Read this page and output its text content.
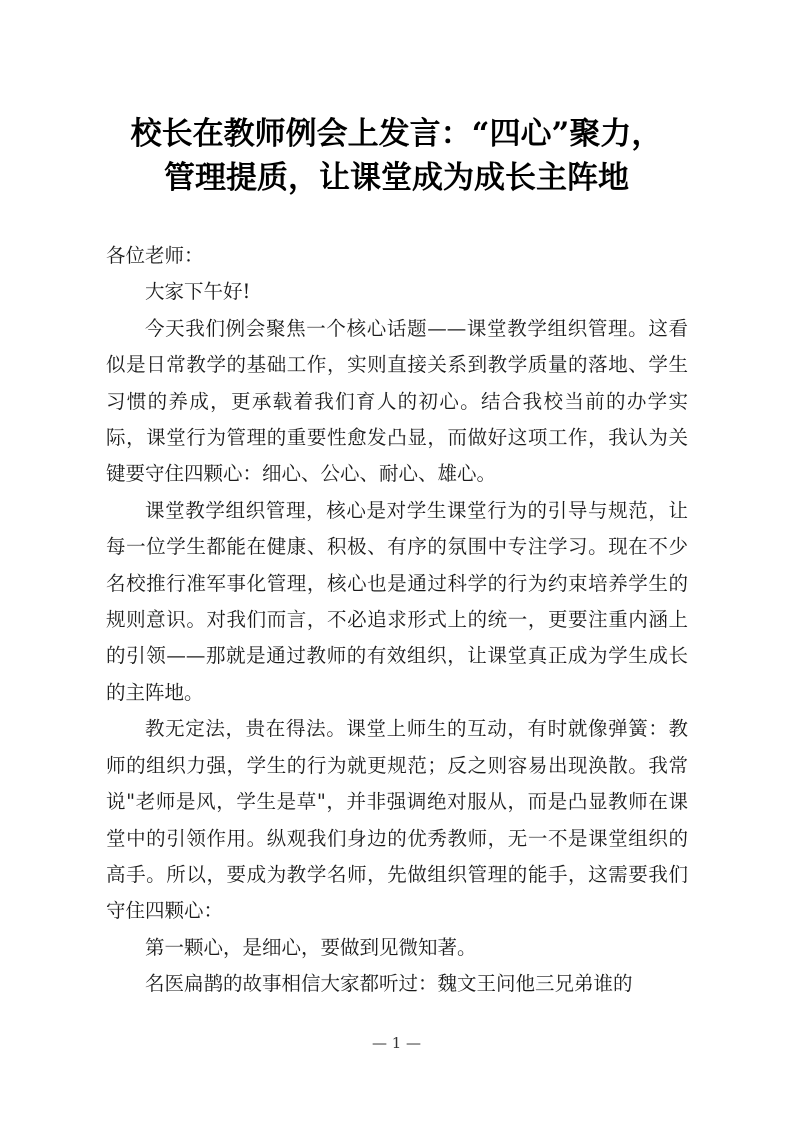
校长在教师例会上发言：“四心”聚力，
管理提质，让课堂成为成长主阵地

各位老师：

大家下午好!

今天我们例会聚焦一个核心话题——课堂教学组织管理。这看似是日常教学的基础工作，实则直接关系到教学质量的落地、学生习惯的养成，更承载着我们育人的初心。结合我校当前的办学实际，课堂行为管理的重要性愈发凸显，而做好这项工作，我认为关键要守住四颗心：细心、公心、耐心、雄心。

课堂教学组织管理，核心是对学生课堂行为的引导与规范，让每一位学生都能在健康、积极、有序的氛围中专注学习。现在不少名校推行准军事化管理，核心也是通过科学的行为约束培养学生的规则意识。对我们而言，不必追求形式上的统一，更要注重内涵上的引领——那就是通过教师的有效组织，让课堂真正成为学生成长的主阵地。

教无定法，贵在得法。课堂上师生的互动，有时就像弹簧：教师的组织力强，学生的行为就更规范；反之则容易出现涣散。我常说"老师是风，学生是草"，并非强调绝对服从，而是凸显教师在课堂中的引领作用。纵观我们身边的优秀教师，无一不是课堂组织的高手。所以，要成为教学名师，先做组织管理的能手，这需要我们守住四颗心：

第一颗心，是细心，要做到见微知著。

名医扁鹊的故事相信大家都听过：魏文王问他三兄弟谁的

— 1 —
